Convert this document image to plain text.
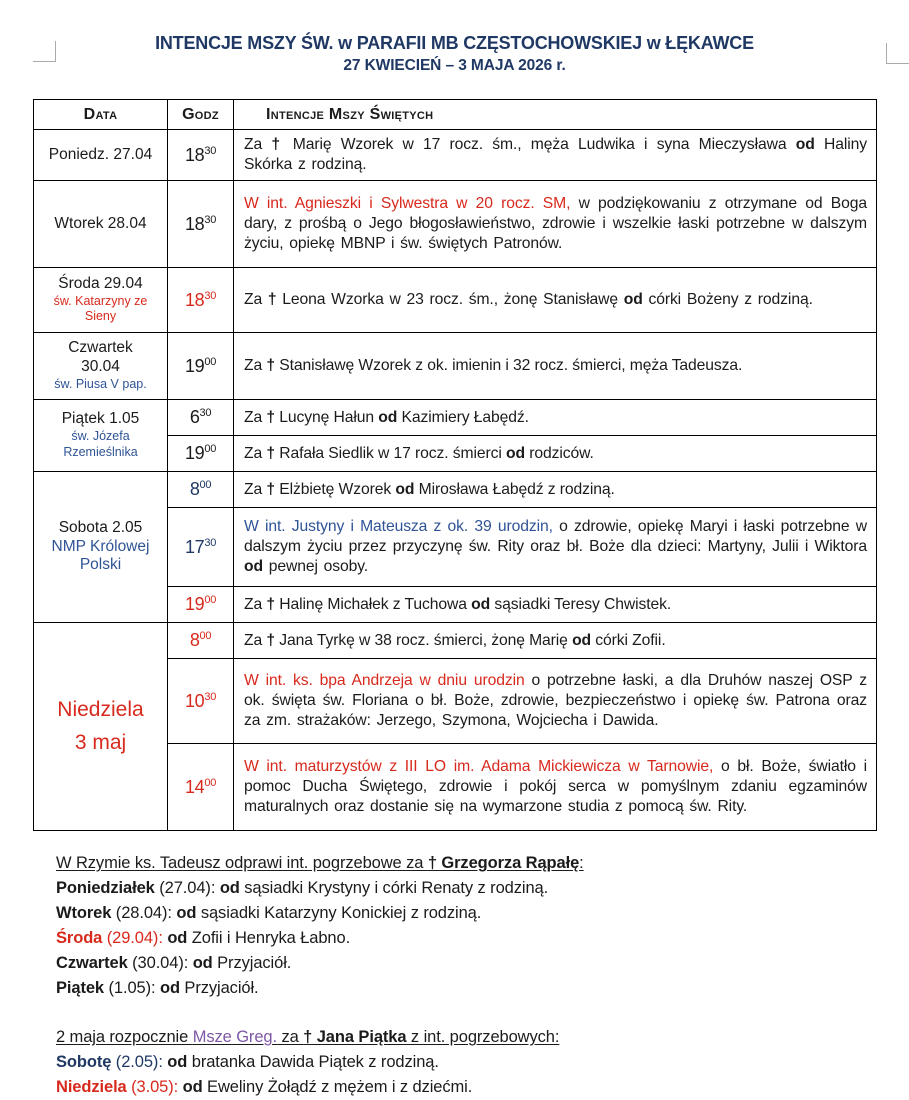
INTENCJE MSZY ŚW. w PARAFII MB CZĘSTOCHOWSKIEJ w ŁĘKAWCE
27 KWIECIEŃ – 3 MAJA 2026 r.
Data	Godz	Intencje Mszy Świętych

Poniedz. 27.04	$18^{30}$	Za † Marię Wzorek w 17 rocz. śm., męża Ludwika i syna Mieczysława od Haliny Skórka z rodziną.

Wtorek 28.04	$18^{30}$	W int. Agnieszki i Sylwestra w 20 rocz. SM, w podziękowaniu z otrzymane od Boga dary, z prośbą o Jego błogosławieństwo, zdrowie i wszelkie łaski potrzebne w dalszym życiu, opiekę MBNP i św. świętych Patronów.

Środa 29.04
św. Katarzyny ze Sieny	$18^{30}$	Za † Leona Wzorka w 23 rocz. śm., żonę Stanisławę od córki Bożeny z rodziną.

Czwartek
30.04
św. Piusa V pap.	$19^{00}$	Za † Stanisławę Wzorek z ok. imienin i 32 rocz. śmierci, męża Tadeusza.

Piątek 1.05
św. Józefa Rzemieślnika	$6^{30}$	Za † Lucynę Hałun od Kazimiery Łabędź.
	$19^{00}$	Za † Rafała Siedlik w 17 rocz. śmierci od rodziców.

Sobota 2.05
NMP Królowej Polski	$8^{00}$	Za † Elżbietę Wzorek od Mirosława Łabędź z rodziną.
	$17^{30}$	W int. Justyny i Mateusza z ok. 39 urodzin, o zdrowie, opiekę Maryi i łaski potrzebne w dalszym życiu przez przyczynę św. Rity oraz bł. Boże dla dzieci: Martyny, Julii i Wiktora od pewnej osoby.
	$19^{00}$	Za † Halinę Michałek z Tuchowa od sąsiadki Teresy Chwistek.

Niedziela
3 maj	$8^{00}$	Za † Jana Tyrkę w 38 rocz. śmierci, żonę Marię od córki Zofii.
	$10^{30}$	W int. ks. bpa Andrzeja w dniu urodzin o potrzebne łaski, a dla Druhów naszej OSP z ok. święta św. Floriana o bł. Boże, zdrowie, bezpieczeństwo i opiekę św. Patrona oraz za zm. strażaków: Jerzego, Szymona, Wojciecha i Dawida.
	$14^{00}$	W int. maturzystów z III LO im. Adama Mickiewicza w Tarnowie, o bł. Boże, światło i pomoc Ducha Świętego, zdrowie i pokój serca w pomyślnym zdaniu egzaminów maturalnych oraz dostanie się na wymarzone studia z pomocą św. Rity.
W Rzymie ks. Tadeusz odprawi int. pogrzebowe za † Grzegorza Rąpałę:
Poniedziałek (27.04): od sąsiadki Krystyny i córki Renaty z rodziną.
Wtorek (28.04): od sąsiadki Katarzyny Konickiej z rodziną.
Środa (29.04): od Zofii i Henryka Łabno.
Czwartek (30.04): od Przyjaciół.
Piątek (1.05): od Przyjaciół.
2 maja rozpocznie Msze Greg. za † Jana Piątka z int. pogrzebowych:
Sobotę (2.05): od bratanka Dawida Piątek z rodziną.
Niedziela (3.05): od Eweliny Żołądź z mężem i z dziećmi.
